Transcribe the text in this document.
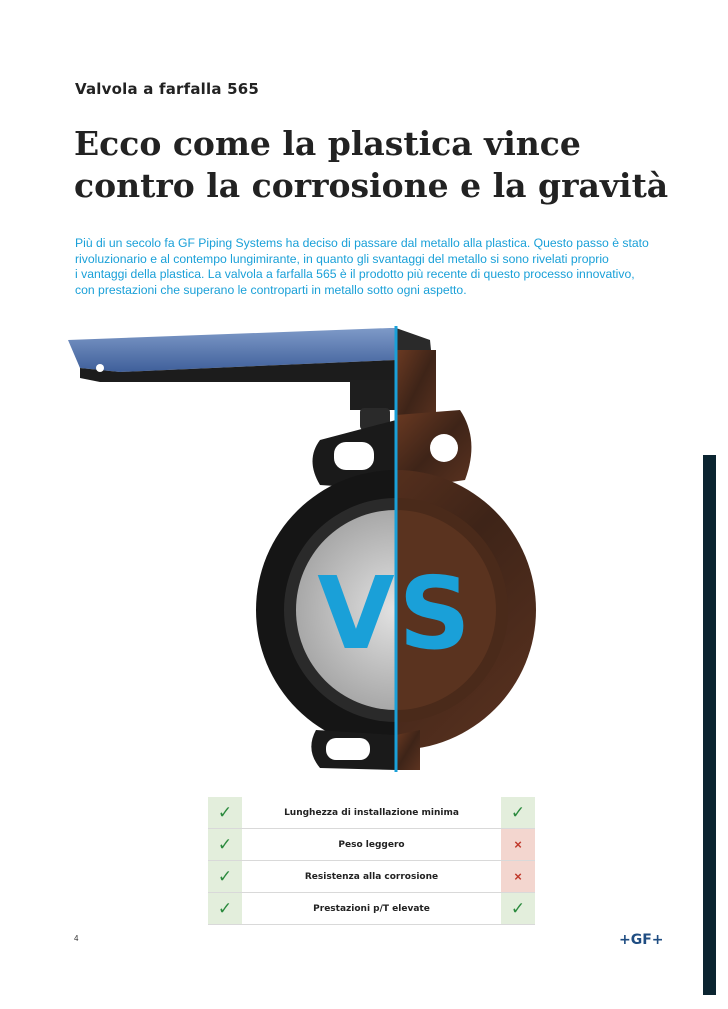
Valvola a farfalla 565
Ecco come la plastica vince
contro la corrosione e la gravità
Più di un secolo fa GF Piping Systems ha deciso di passare dal metallo alla plastica. Questo passo è stato
rivoluzionario e al contempo lungimirante, in quanto gli svantaggi del metallo si sono rivelati proprio
i vantaggi della plastica. La valvola a farfalla 565 è il prodotto più recente di questo processo innovativo,
con prestazioni che superano le controparti in metallo sotto ogni aspetto.
VS
✓	Lunghezza di installazione minima	✓
✓	Peso leggero	×
✓	Resistenza alla corrosione	×
✓	Prestazioni p/T elevate	✓
4	+GF+
